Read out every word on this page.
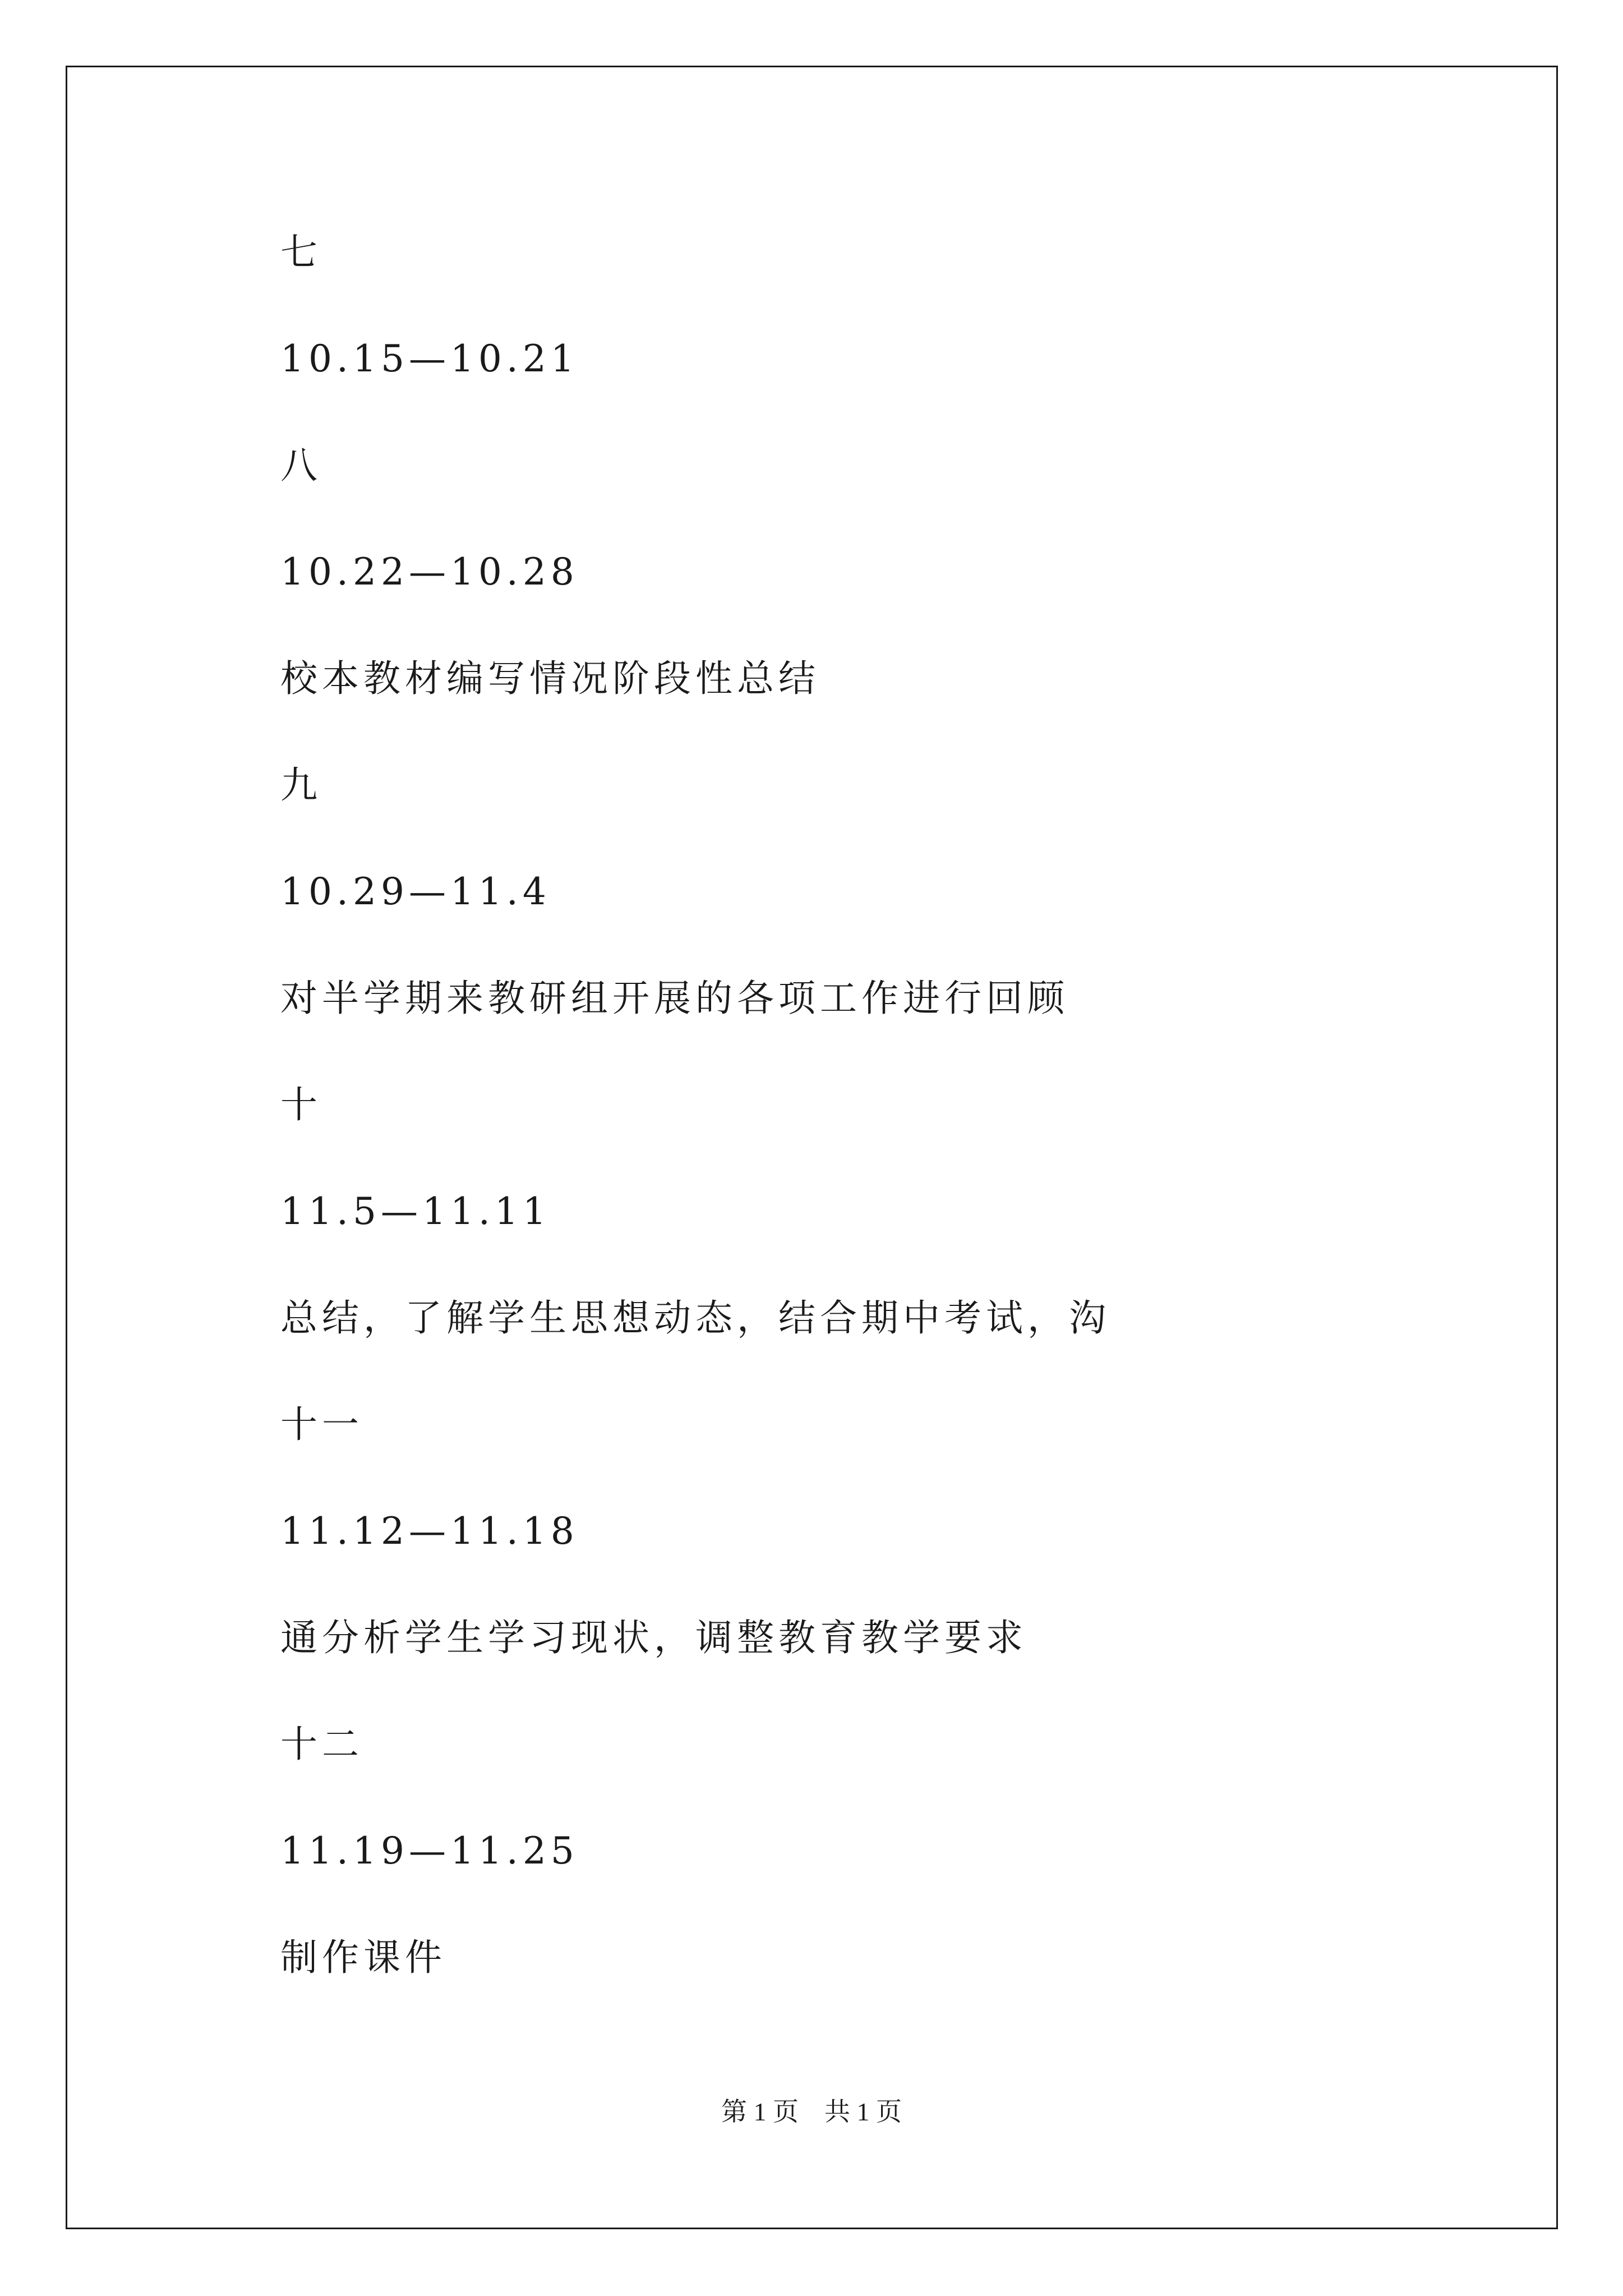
七

10.15—10.21

八

10.22—10.28

校本教材编写情况阶段性总结

九

10.29—11.4

对半学期来教研组开展的各项工作进行回顾

十

11.5—11.11

总结，了解学生思想动态，结合期中考试，沟

十一

11.12—11.18

通分析学生学习现状，调整教育教学要求

十二

11.19—11.25

制作课件

第 1 页    共 1 页
